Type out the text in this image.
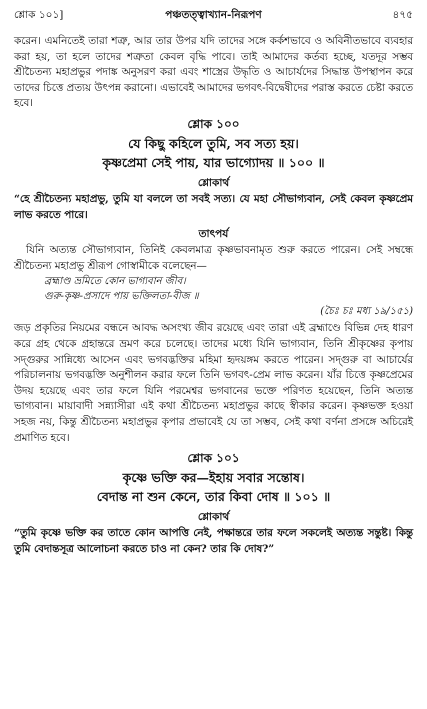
শ্লোক ১০১]	পঞ্চতত্ত্বাখ্যান-নিরূপণ	৪৭৫

করেন। এমনিতেই তারা শত্রু, আর তার উপর যদি তাদের সঙ্গে কর্কশভাবে ও অবিনীতভাবে ব্যবহার করা হয়, তা হলে তাদের শত্রুতা কেবল বৃদ্ধি পাবে। তাই আমাদের কর্তব্য হচ্ছে, যতদূর সম্ভব শ্রীচৈতন্য মহাপ্রভুর পদাঙ্ক অনুসরণ করা এবং শাস্ত্রের উদ্ধৃতি ও আচার্যদের সিদ্ধান্ত উপস্থাপন করে তাদের চিত্তে প্রত্যয় উৎপন্ন করানো। এভাবেই আমাদের ভগবৎ-বিদ্বেষীদের পরাস্ত করতে চেষ্টা করতে হবে।

শ্লোক ১০০
যে কিছু কহিলে তুমি, সব সত্য হয়।
কৃষ্ণপ্রেমা সেই পায়, যার ভাগ্যোদয় ॥ ১০০ ॥
শ্লোকার্থ

“হে শ্রীচৈতন্য মহাপ্রভু, তুমি যা বললে তা সবই সত্য। যে মহা সৌভাগ্যবান, সেই কেবল কৃষ্ণপ্রেম লাভ করতে পারে।

তাৎপর্য

যিনি অত্যন্ত সৌভাগ্যবান, তিনিই কেবলমাত্র কৃষ্ণভাবনামৃত শুরু করতে পারেন। সেই সম্বন্ধে শ্রীচৈতন্য মহাপ্রভু শ্রীরূপ গোস্বামীকে বলেছেন—

ব্রহ্মাণ্ড ভ্রমিতে কোন ভাগ্যবান জীব।
গুরু-কৃষ্ণ-প্রসাদে পায় ভক্তিলতা-বীজ ॥
(চৈঃ চঃ মধ্য ১৯/১৫১)

জড় প্রকৃতির নিয়মের বন্ধনে আবদ্ধ অসংখ্য জীব রয়েছে এবং তারা এই ব্রহ্মাণ্ডে বিভিন্ন দেহ ধারণ করে গ্রহ থেকে গ্রহান্তরে ভ্রমণ করে চলেছে। তাদের মধ্যে যিনি ভাগ্যবান, তিনি শ্রীকৃষ্ণের কৃপায় সদ্গুরুর সান্নিধ্যে আসেন এবং ভগবদ্ভক্তির মহিমা হৃদয়ঙ্গম করতে পারেন। সদ্গুরু বা আচার্যের পরিচালনায় ভগবদ্ভক্তি অনুশীলন করার ফলে তিনি ভগবৎ-প্রেম লাভ করেন। যাঁর চিত্তে কৃষ্ণপ্রেমের উদয় হয়েছে এবং তার ফলে যিনি পরমেশ্বর ভগবানের ভক্তে পরিণত হয়েছেন, তিনি অত্যন্ত ভাগ্যবান। মায়াবাদী সন্ন্যাসীরা এই কথা শ্রীচৈতন্য মহাপ্রভুর কাছে স্বীকার করেন। কৃষ্ণভক্ত হওয়া সহজ নয়, কিন্তু শ্রীচৈতন্য মহাপ্রভুর কৃপার প্রভাবেই যে তা সম্ভব, সেই কথা বর্ণনা প্রসঙ্গে অচিরেই প্রমাণিত হবে।

শ্লোক ১০১
কৃষ্ণে ভক্তি কর—ইহায় সবার সন্তোষ।
বেদান্ত না শুন কেনে, তার কিবা দোষ ॥ ১০১ ॥
শ্লোকার্থ

“তুমি কৃষ্ণে ভক্তি কর তাতে কোন আপত্তি নেই, পক্ষান্তরে তার ফলে সকলেই অত্যন্ত সন্তুষ্ট। কিন্তু তুমি বেদান্তসূত্র আলোচনা করতে চাও না কেন? তার কি দোষ?”
